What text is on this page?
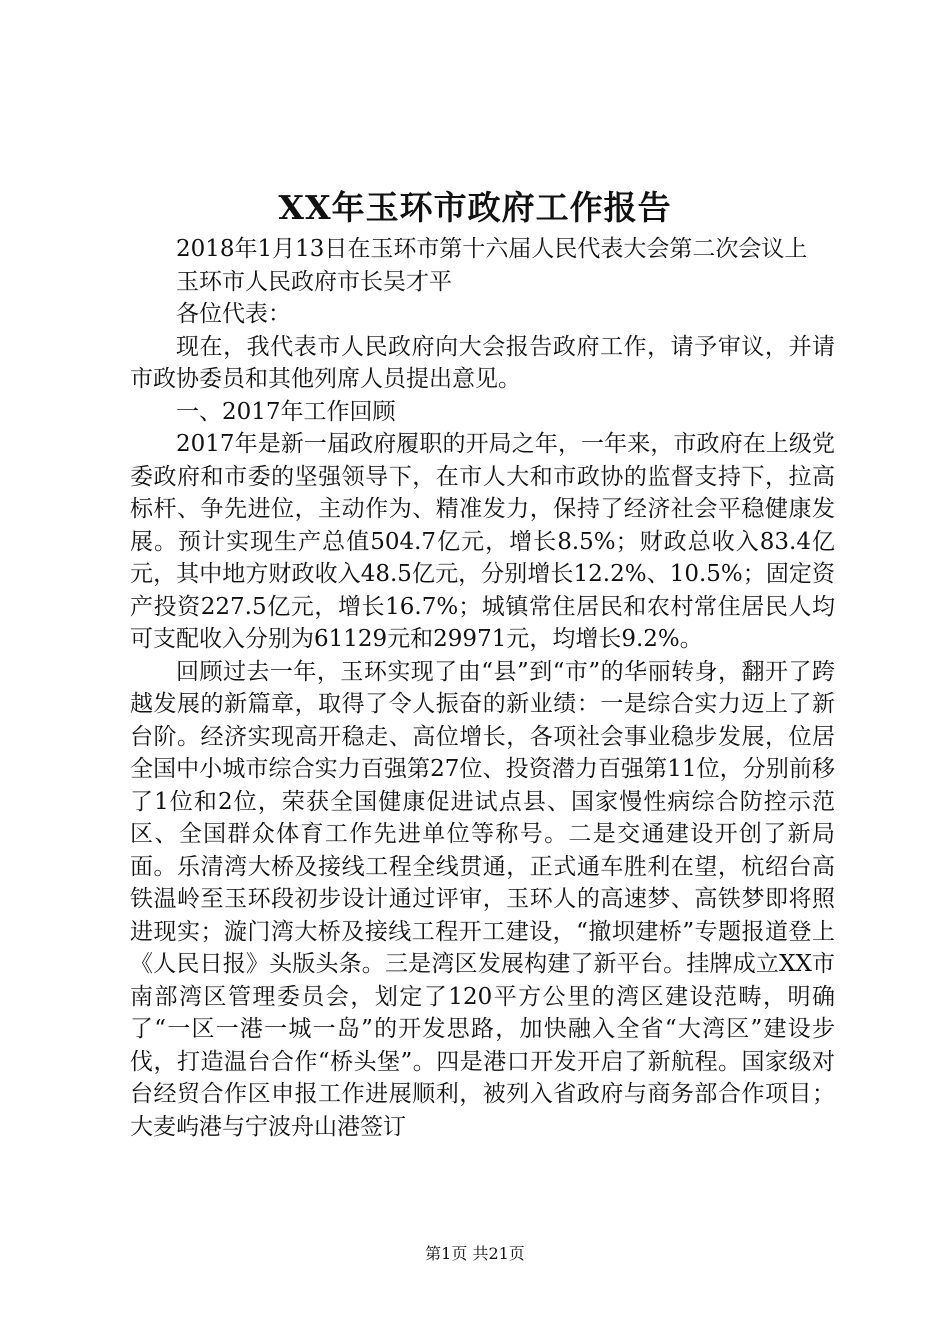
XX年玉环市政府工作报告

2018年1月13日在玉环市第十六届人民代表大会第二次会议上

玉环市人民政府市长吴才平

各位代表：

现在，我代表市人民政府向大会报告政府工作，请予审议，并请市政协委员和其他列席人员提出意见。

一、2017年工作回顾

2017年是新一届政府履职的开局之年，一年来，市政府在上级党委政府和市委的坚强领导下，在市人大和市政协的监督支持下，拉高标杆、争先进位，主动作为、精准发力，保持了经济社会平稳健康发展。预计实现生产总值504.7亿元，增长8.5%；财政总收入83.4亿元，其中地方财政收入48.5亿元，分别增长12.2%、10.5%；固定资产投资227.5亿元，增长16.7%；城镇常住居民和农村常住居民人均可支配收入分别为61129元和29971元，均增长9.2%。

回顾过去一年，玉环实现了由“县”到“市”的华丽转身，翻开了跨越发展的新篇章，取得了令人振奋的新业绩：一是综合实力迈上了新台阶。经济实现高开稳走、高位增长，各项社会事业稳步发展，位居全国中小城市综合实力百强第27位、投资潜力百强第11位，分别前移了1位和2位，荣获全国健康促进试点县、国家慢性病综合防控示范区、全国群众体育工作先进单位等称号。二是交通建设开创了新局面。乐清湾大桥及接线工程全线贯通，正式通车胜利在望，杭绍台高铁温岭至玉环段初步设计通过评审，玉环人的高速梦、高铁梦即将照进现实；漩门湾大桥及接线工程开工建设，“撤坝建桥”专题报道登上《人民日报》头版头条。三是湾区发展构建了新平台。挂牌成立XX市南部湾区管理委员会，划定了120平方公里的湾区建设范畴，明确了“一区一港一城一岛”的开发思路，加快融入全省“大湾区”建设步伐，打造温台合作“桥头堡”。四是港口开发开启了新航程。国家级对台经贸合作区申报工作进展顺利，被列入省政府与商务部合作项目；大麦屿港与宁波舟山港签订

第1页 共21页
